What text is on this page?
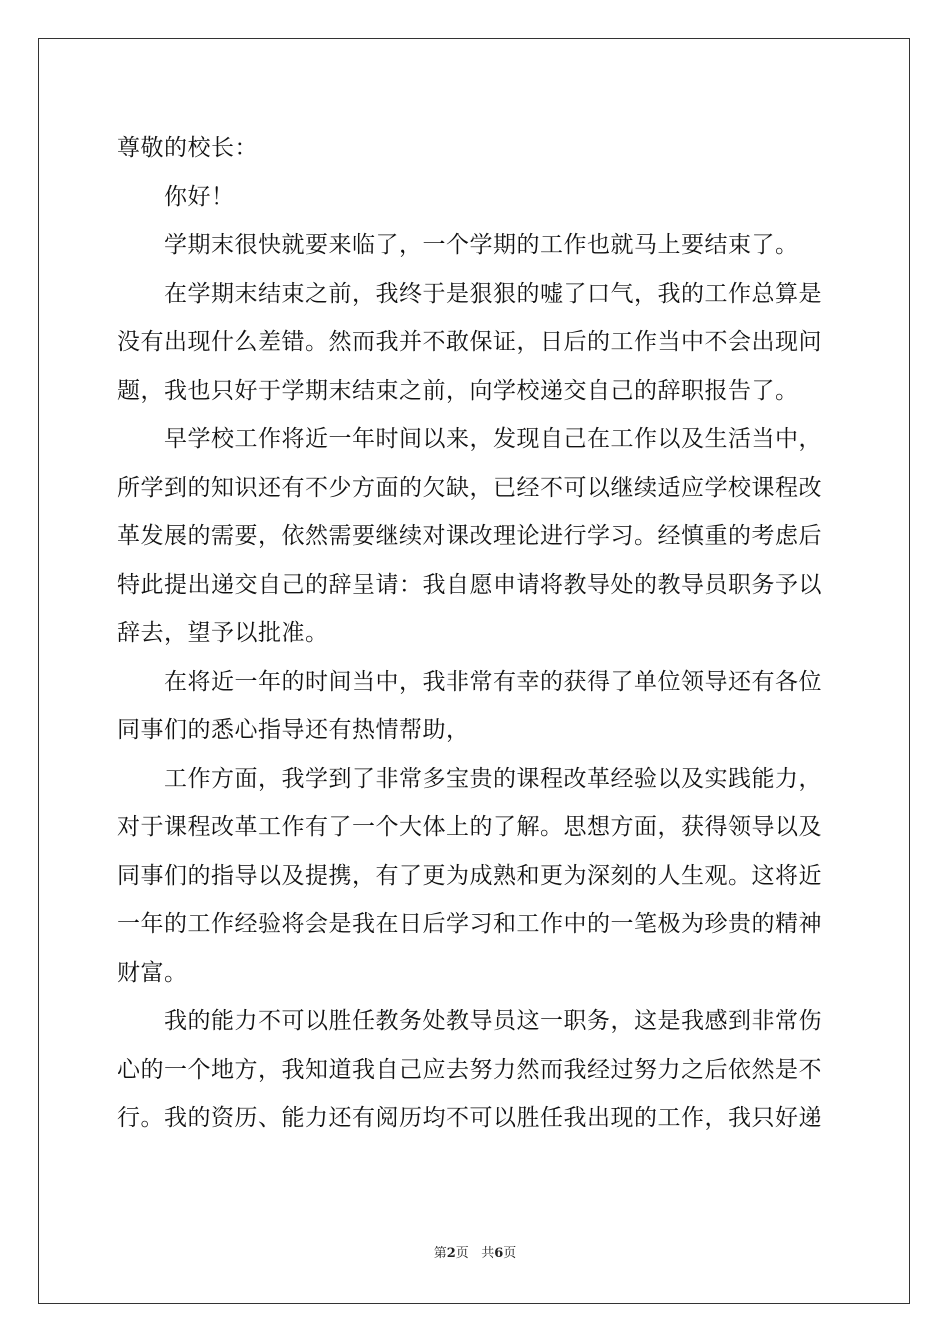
尊敬的校长：
你好！
学期末很快就要来临了，一个学期的工作也就马上要结束了。
在学期末结束之前，我终于是狠狠的嘘了口气，我的工作总算是
没有出现什么差错。然而我并不敢保证，日后的工作当中不会出现问
题，我也只好于学期末结束之前，向学校递交自己的辞职报告了。
早学校工作将近一年时间以来，发现自己在工作以及生活当中，
所学到的知识还有不少方面的欠缺，已经不可以继续适应学校课程改
革发展的需要，依然需要继续对课改理论进行学习。经慎重的考虑后
特此提出递交自己的辞呈请：我自愿申请将教导处的教导员职务予以
辞去，望予以批准。
在将近一年的时间当中，我非常有幸的获得了单位领导还有各位
同事们的悉心指导还有热情帮助，
工作方面，我学到了非常多宝贵的课程改革经验以及实践能力，
对于课程改革工作有了一个大体上的了解。思想方面，获得领导以及
同事们的指导以及提携，有了更为成熟和更为深刻的人生观。这将近
一年的工作经验将会是我在日后学习和工作中的一笔极为珍贵的精神
财富。
我的能力不可以胜任教务处教导员这一职务，这是我感到非常伤
心的一个地方，我知道我自己应去努力然而我经过努力之后依然是不
行。我的资历、能力还有阅历均不可以胜任我出现的工作，我只好递
第2页 共6页
